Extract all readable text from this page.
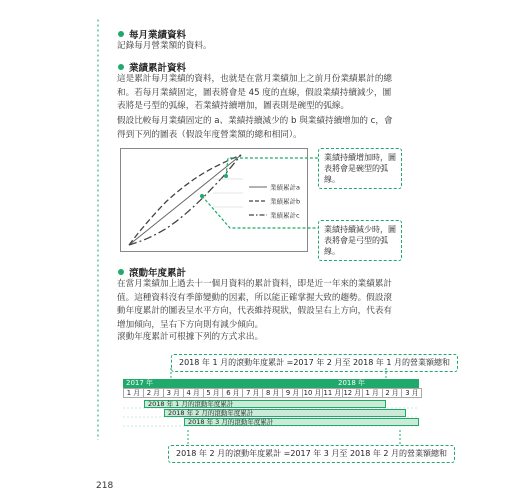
每月業績資料
記錄每月營業額的資料。
業績累計資料
這是累計每月業績的資料，也就是在當月業績加上之前月份業績累計的總和。若每月業績固定，圖表將會是 45 度的直線，假設業績持續減少，圖表將是弓型的弧線，若業績持續增加，圖表則是碗型的弧線。
假設比較每月業績固定的 a、業績持續減少的 b 與業績持續增加的 c，會得到下列的圖表（假設年度營業額的總和相同）。
業績累計a
業績累計b
業績累計c
業績持續增加時，圖表將會是碗型的弧線。
業績持續減少時，圖表將會是弓型的弧線。
滾動年度累計
在當月業績加上過去十一個月資料的累計資料，即是近一年來的業績累計值。這種資料沒有季節變動的因素，所以能正確掌握大致的趨勢。假設滾動年度累計的圖表呈水平方向，代表維持現狀，假設呈右上方向，代表有增加傾向，呈右下方向則有減少傾向。
滾動年度累計可根據下列的方式求出。
2018 年 1 月的滾動年度累計 =2017 年 2 月至 2018 年 1 月的營業額總和
2018 年 2 月的滾動年度累計 =2017 年 3 月至 2018 年 2 月的營業額總和
2017 年	2018 年
1 月 2 月 3 月 4 月 5 月 6 月 7 月 8 月 9 月 10 月 11 月 12 月 1 月 2 月 3 月
2018 年 1 月的滾動年度累計
2018 年 2 月的滾動年度累計
2018 年 3 月的滾動年度累計
218
